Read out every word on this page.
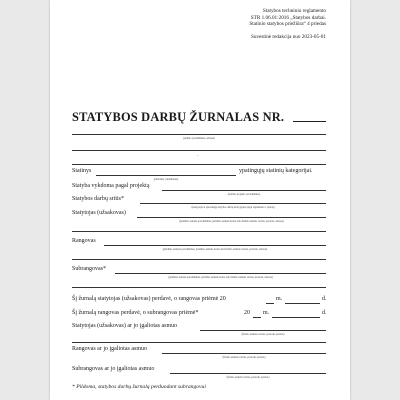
Statybos techninio reglamento
STR 1.06.01:2016 „Statybos darbai.
Statinio statybos priežiūra“ 4 priedas
Suvestinė redakcija nuo 2023-05-01
STATYBOS DARBŲ ŽURNALAS NR.
(statinio pavadinimas, adresas)
·
Statinys	ypatingųjų statinių kategorijai.
(pildomas į tipinikauss)
Statyba vykdoma pagal projektą
(statinio projekto pavadinimas)
Statybos darbų sritis*
(kategorija ar specialiųjų statybos darbų sričių grupė pagal reglamento 1 priedą)
Statytojas (užsakovas)
(juridinio asmens pavadinimas, juridinio asmens kodas arba fizinio asmens vardas, pavardė, adresas)
Rangovas
(juridinio asmens pavadinimas, juridinio asmens kodas arba fizinio asmens vardas, pavardė, adresas)
Subrangovas*
(juridinio asmens pavadinimas, juridinio asmens kodas arba fizinio asmens vardas, pavardė, adresas)
Šį žurnalą statytojas (užsakovas) perdavė, o rangovas priėmė 20	m.	d.
Šį žurnalą rangovas perdavė, o subrangovas priėmė*	20 m.	d.
Statytojas (užsakovas) ar jo įgaliotas asmuo
(fizinio asmens vardas, pavardė, parašas)
Rangovas ar jo įgaliotas asmuo
(fizinio asmens vardas, pavardė, parašas)
Subrangovas ar jo įgaliotas asmuo
(fizinio asmens vardas, pavardė, parašas)
* Pildoma, statybos darbų žurnalą perduodant subrangovui
